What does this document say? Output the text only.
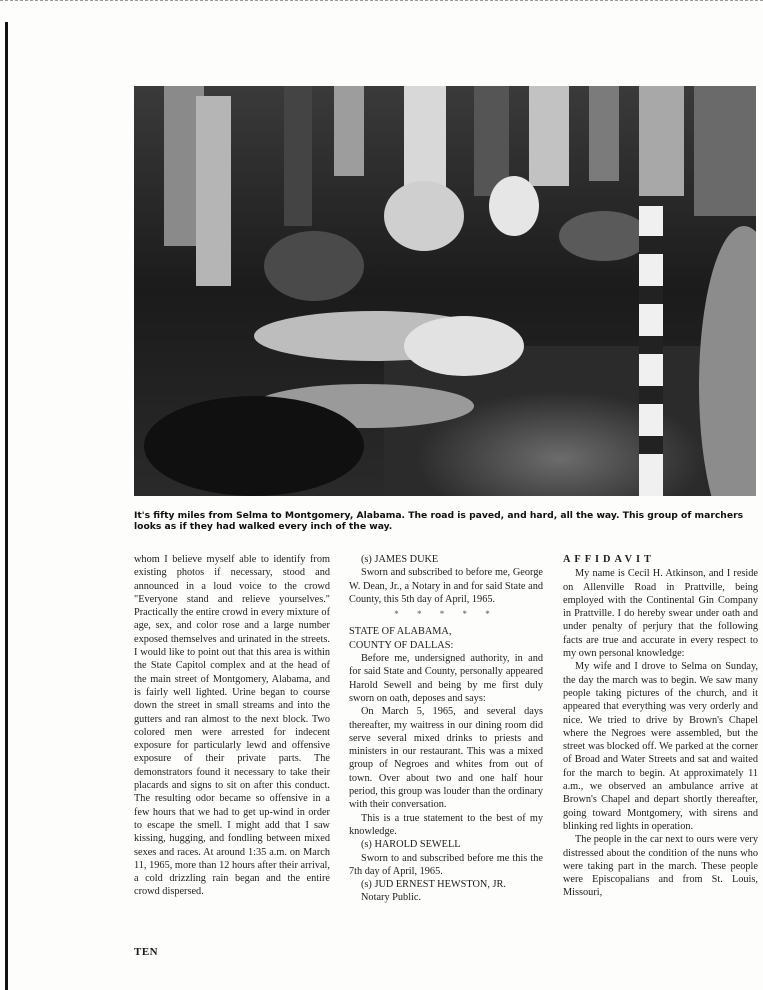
It's fifty miles from Selma to Montgomery, Alabama. The road is paved, and hard, all the way. This group of marchers looks as if they had walked every inch of the way.

whom I believe myself able to identify from existing photos if necessary, stood and announced in a loud voice to the crowd "Everyone stand and relieve yourselves." Practically the entire crowd in every mixture of age, sex, and color rose and a large number exposed themselves and urinated in the streets. I would like to point out that this area is within the State Capitol complex and at the head of the main street of Montgomery, Alabama, and is fairly well lighted. Urine began to course down the street in small streams and into the gutters and ran almost to the next block. Two colored men were arrested for indecent exposure for particularly lewd and offensive exposure of their private parts. The demonstrators found it necessary to take their placards and signs to sit on after this conduct. The resulting odor became so offensive in a few hours that we had to get up-wind in order to escape the smell. I might add that I saw kissing, hugging, and fondling between mixed sexes and races. At around 1:35 a.m. on March 11, 1965, more than 12 hours after their arrival, a cold drizzling rain began and the entire crowd dispersed.

(s) JAMES DUKE

Sworn and subscribed to before me, George W. Dean, Jr., a Notary in and for said State and County, this 5th day of April, 1965.

* * * * *

STATE OF ALABAMA,

COUNTY OF DALLAS:

Before me, undersigned authority, in and for said State and County, personally appeared Harold Sewell and being by me first duly sworn on oath, deposes and says:

On March 5, 1965, and several days thereafter, my waitress in our dining room did serve several mixed drinks to priests and ministers in our restaurant. This was a mixed group of Negroes and whites from out of town. Over about two and one half hour period, this group was louder than the ordinary with their conversation.

This is a true statement to the best of my knowledge.

(s) HAROLD SEWELL

Sworn to and subscribed before me this the 7th day of April, 1965.

(s) JUD ERNEST HEWSTON, JR.

Notary Public.

AFFIDAVIT

My name is Cecil H. Atkinson, and I reside on Allenville Road in Prattville, being employed with the Continental Gin Company in Prattville. I do hereby swear under oath and under penalty of perjury that the following facts are true and accurate in every respect to my own personal knowledge:

My wife and I drove to Selma on Sunday, the day the march was to begin. We saw many people taking pictures of the church, and it appeared that everything was very orderly and nice. We tried to drive by Brown's Chapel where the Negroes were assembled, but the street was blocked off. We parked at the corner of Broad and Water Streets and sat and waited for the march to begin. At approximately 11 a.m., we observed an ambulance arrive at Brown's Chapel and depart shortly thereafter, going toward Montgomery, with sirens and blinking red lights in operation.

The people in the car next to ours were very distressed about the condition of the nuns who were taking part in the march. These people were Episcopalians and from St. Louis, Missouri,

TEN
